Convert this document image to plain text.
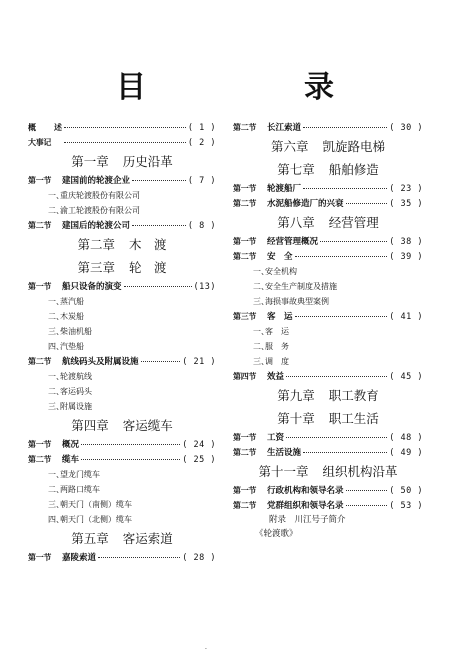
目　录
概　述	( 1 )
大事记	( 2 )
第一章 历史沿革
第一节	建国前的轮渡企业	( 7 )
一、重庆轮渡股份有限公司
二、渝工轮渡股份有限公司
第二节	建国后的轮渡公司	( 8 )
第二章 木　渡
第三章 轮　渡
第一节	船只设备的演变	(13)
一、蒸汽船
二、木炭船
三、柴油机船
四、汽垫船
第二节	航线码头及附属设施	( 21 )
一、轮渡航线
二、客运码头
三、附属设施
第四章 客运缆车
第一节	概况	( 24 )
第二节	缆车	( 25 )
一、望龙门缆车
二、两路口缆车
三、朝天门（南侧）缆车
四、朝天门（北侧）缆车
第五章 客运索道
第一节	嘉陵索道	( 28 )
第二节	长江索道	( 30 )
第六章 凯旋路电梯
第七章 船舶修造
第一节	轮渡船厂	( 23 )
第二节	水泥船修造厂的兴衰	( 35 )
第八章 经营管理
第一节	经营管理概况	( 38 )
第二节	安　全	( 39 )
一、安全机构
二、安全生产制度及措施
三、海损事故典型案例
第三节	客　运	( 41 )
一、客　运
二、服　务
三、调　度
第四节	效益	( 45 )
第九章 职工教育
第十章 职工生活
第一节	工资	( 48 )
第二节	生活设施	( 49 )
第十一章 组织机构沿革
第一节	行政机构和领导名录	( 50 )
第二节	党群组织和领导名录	( 53 )
附录　川江号子简介
《轮渡歌》
·
